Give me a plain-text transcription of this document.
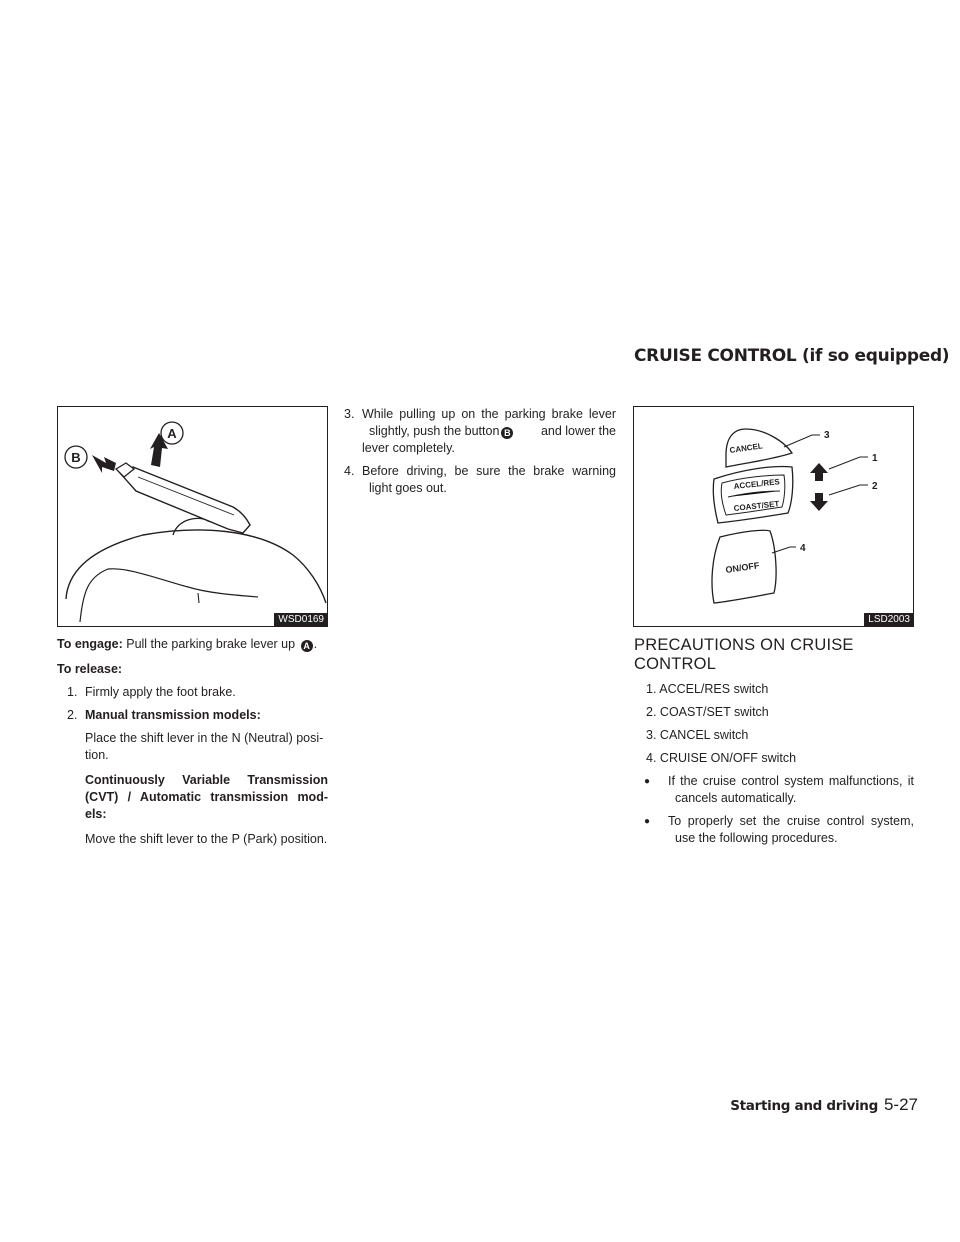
CRUISE CONTROL (if so equipped)
A
B
WSD0169
CANCEL
ACCEL/RES
COAST/SET
ON/OFF
3
1
2
4
LSD2003

To engage: Pull the parking brake lever up A .

To release:

1. Firmly apply the foot brake.

2. Manual transmission models:

Place the shift lever in the N (Neutral) posi-

tion.

Continuously Variable Transmission

(CVT) / Automatic transmission mod-

els:

Move the shift lever to the P (Park) position.

3. While pulling up on the parking brake lever

slightly, push the button B	and lower the

lever completely.

4. Before driving, be sure the brake warning

light goes out.

PRECAUTIONS ON CRUISE
CONTROL

1. ACCEL/RES switch

2. COAST/SET switch

3. CANCEL switch

4. CRUISE ON/OFF switch

● If the cruise control system malfunctions, it

cancels automatically.

● To properly set the cruise control system,

use the following procedures.

Starting and driving 5-27
